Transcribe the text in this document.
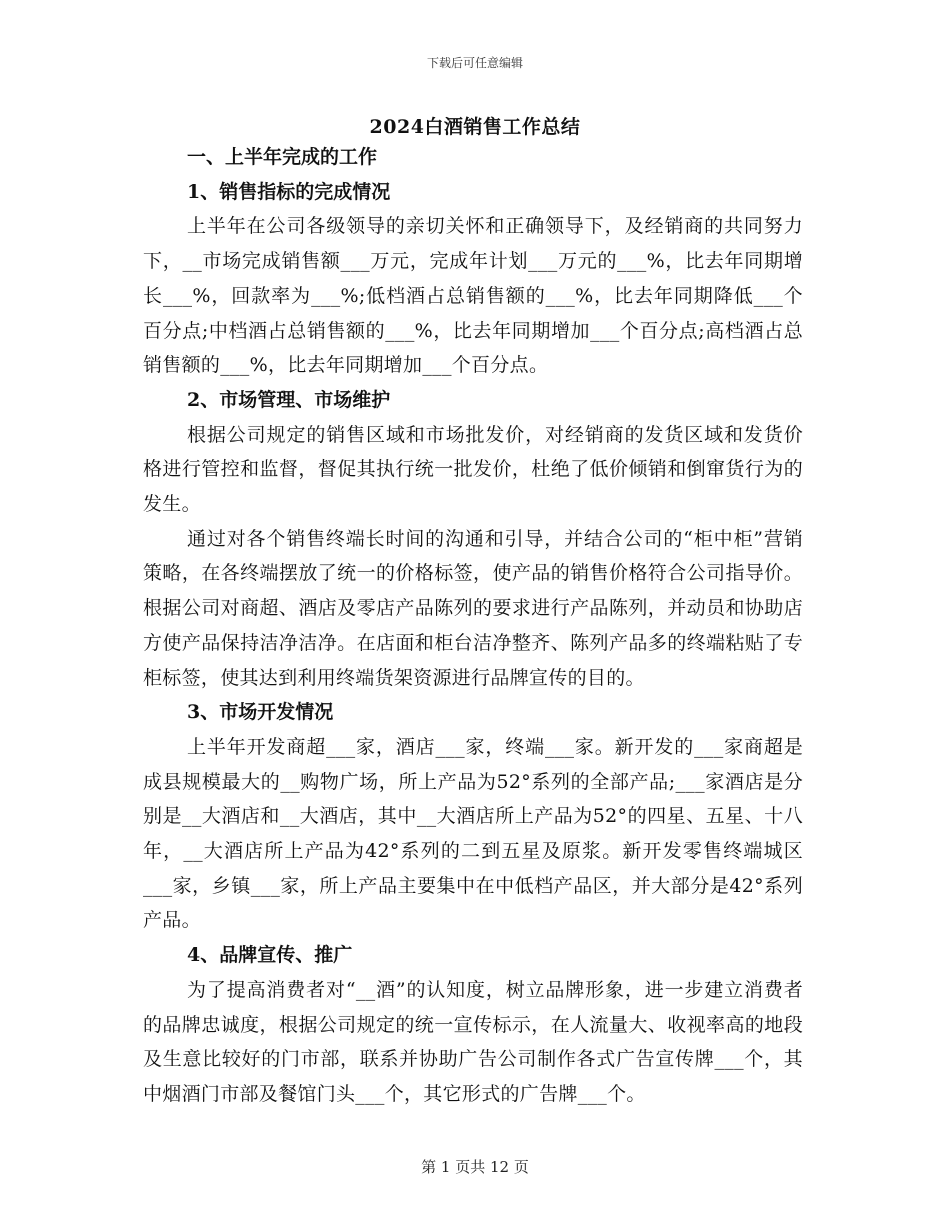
下载后可任意编辑
2024白酒销售工作总结
一、上半年完成的工作
1、销售指标的完成情况
上半年在公司各级领导的亲切关怀和正确领导下，及经销商的共同努力下，__市场完成销售额___万元，完成年计划___万元的___%，比去年同期增长___%，回款率为___%;低档酒占总销售额的___%，比去年同期降低___个百分点;中档酒占总销售额的___%，比去年同期增加___个百分点;高档酒占总销售额的___%，比去年同期增加___个百分点。
2、市场管理、市场维护
根据公司规定的销售区域和市场批发价，对经销商的发货区域和发货价格进行管控和监督，督促其执行统一批发价，杜绝了低价倾销和倒窜货行为的发生。
通过对各个销售终端长时间的沟通和引导，并结合公司的“柜中柜”营销策略，在各终端摆放了统一的价格标签，使产品的销售价格符合公司指导价。根据公司对商超、酒店及零店产品陈列的要求进行产品陈列，并动员和协助店方使产品保持洁净洁净。在店面和柜台洁净整齐、陈列产品多的终端粘贴了专柜标签，使其达到利用终端货架资源进行品牌宣传的目的。
3、市场开发情况
上半年开发商超___家，酒店___家，终端___家。新开发的___家商超是成县规模最大的__购物广场，所上产品为52°系列的全部产品;___家酒店是分别是__大酒店和__大酒店，其中__大酒店所上产品为52°的四星、五星、十八年，__大酒店所上产品为42°系列的二到五星及原浆。新开发零售终端城区___家，乡镇___家，所上产品主要集中在中低档产品区，并大部分是42°系列产品。
4、品牌宣传、推广
为了提高消费者对“__酒”的认知度，树立品牌形象，进一步建立消费者的品牌忠诚度，根据公司规定的统一宣传标示，在人流量大、收视率高的地段及生意比较好的门市部，联系并协助广告公司制作各式广告宣传牌___个，其中烟酒门市部及餐馆门头___个，其它形式的广告牌___个。
第 1 页共 12 页
